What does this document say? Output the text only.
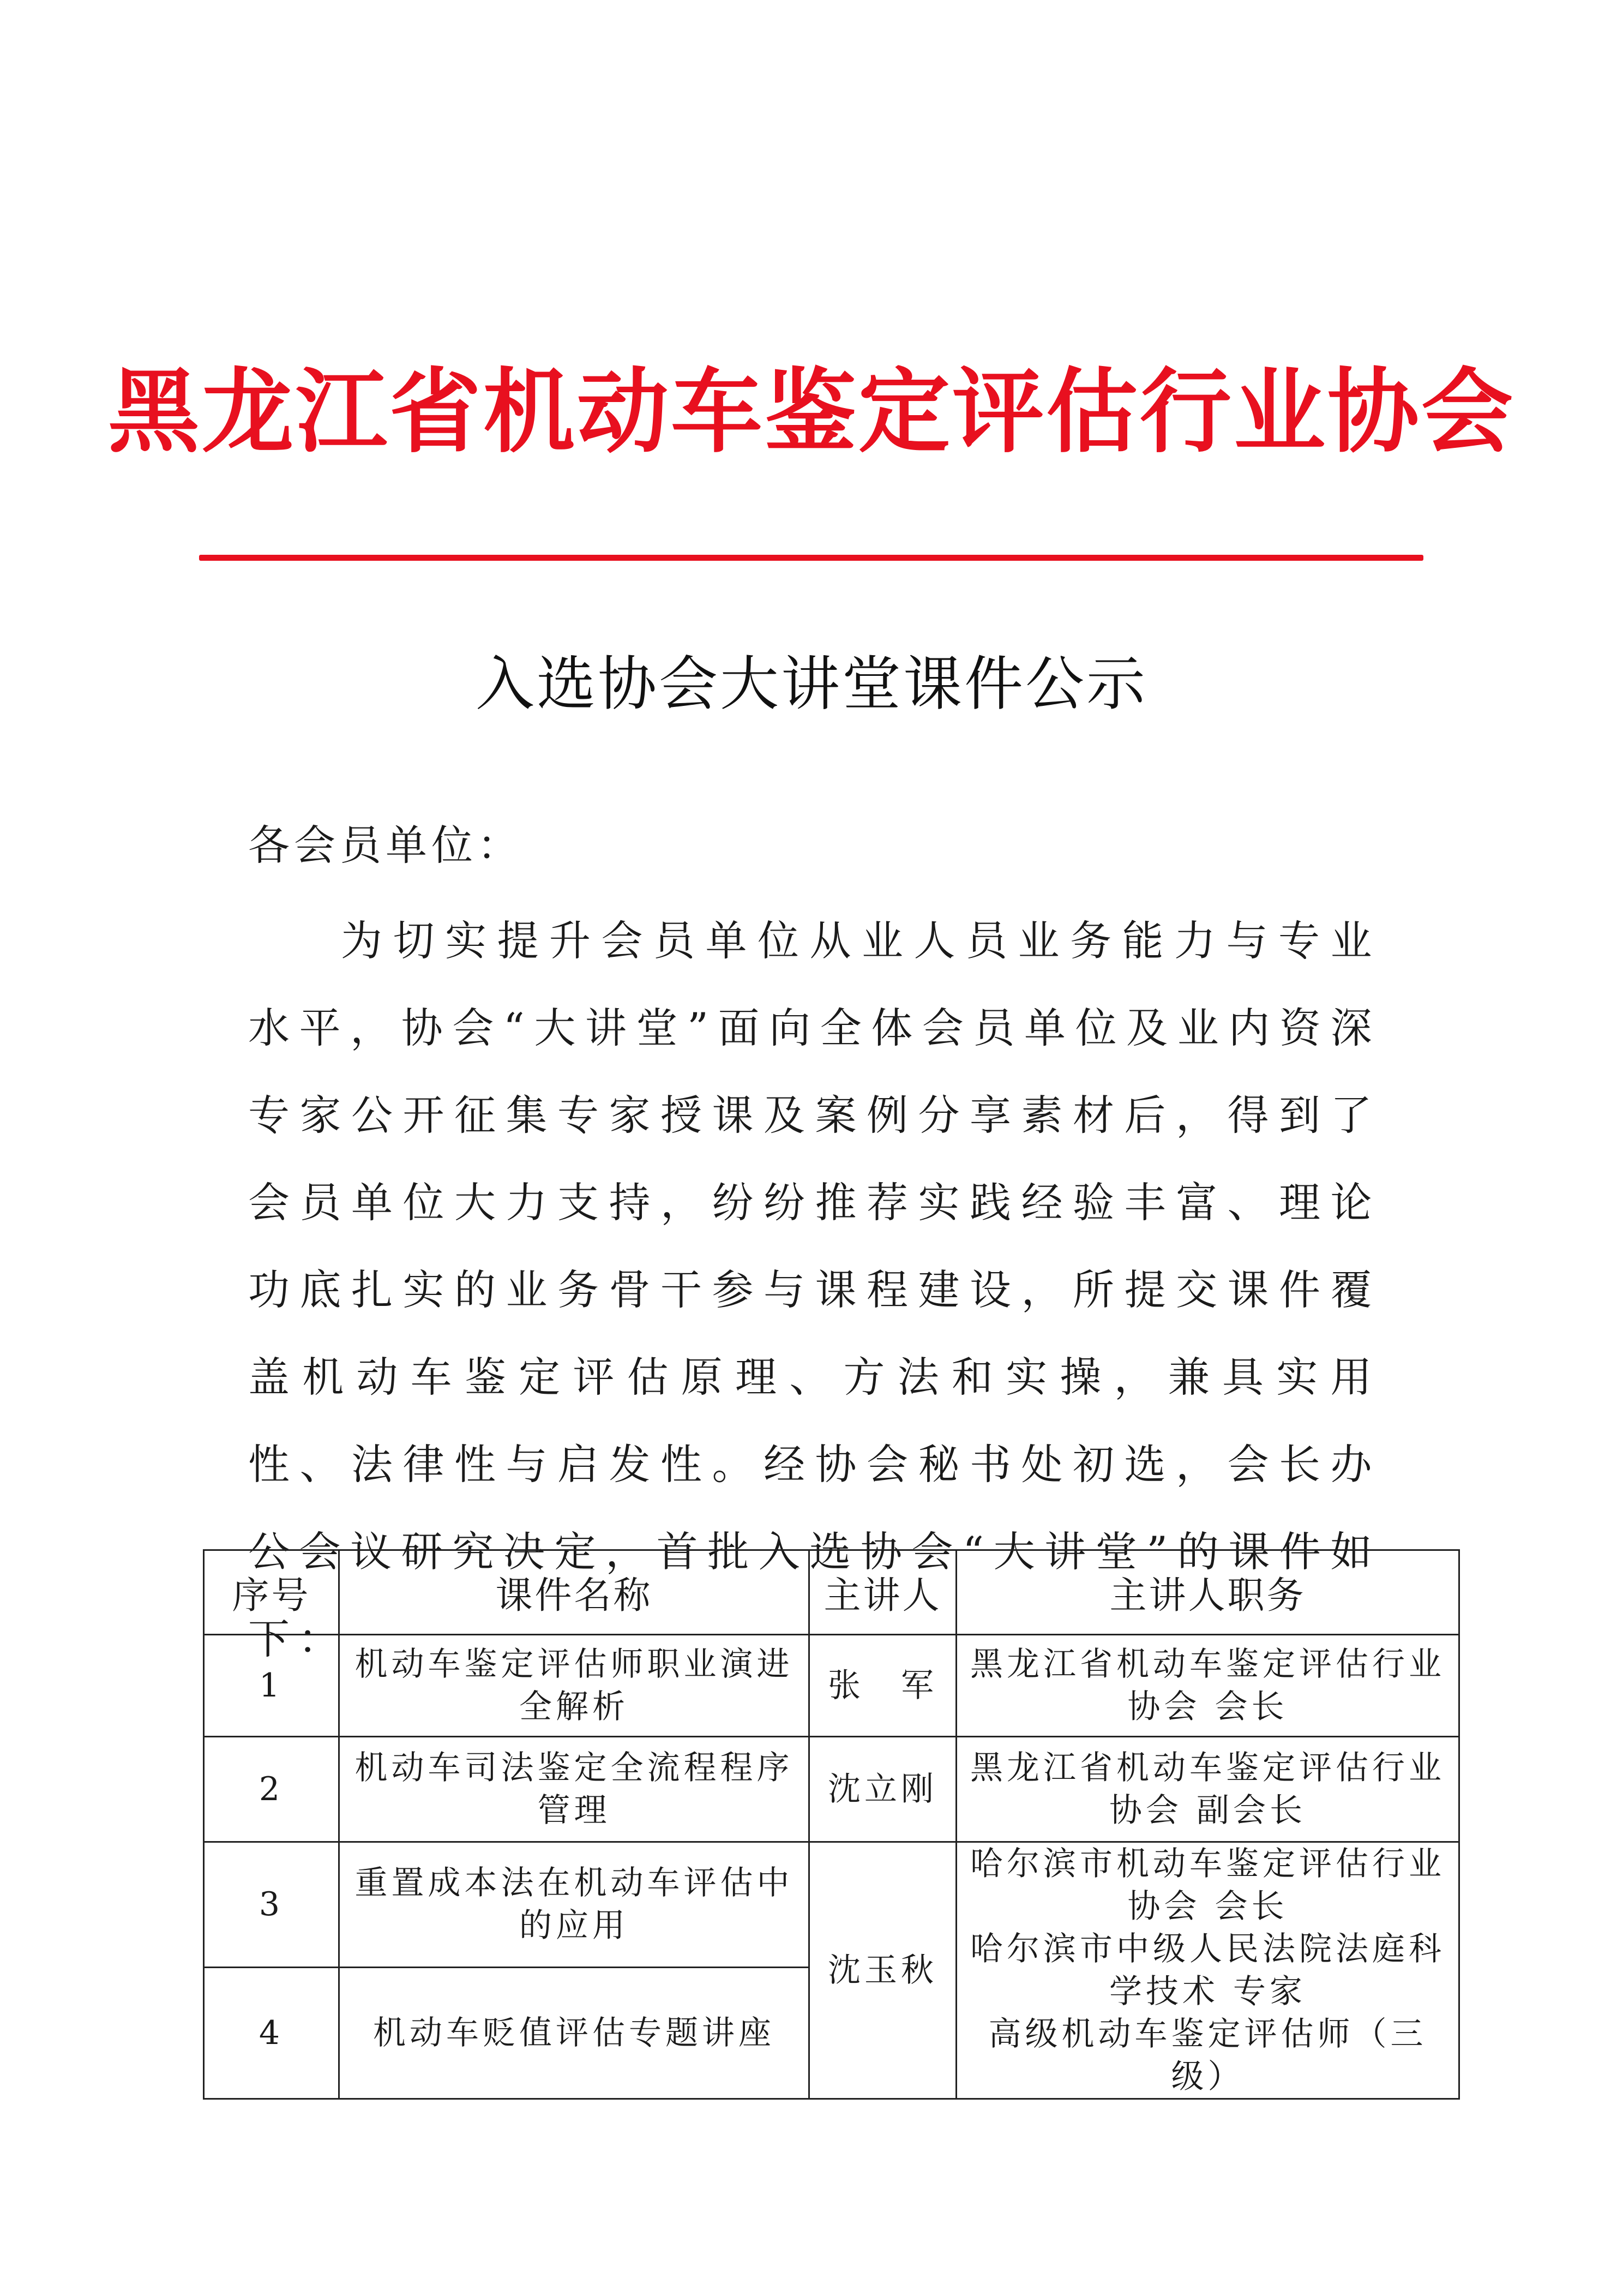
黑龙江省机动车鉴定评估行业协会
入选协会大讲堂课件公示
各会员单位：

为切实提升会员单位从业人员业务能力与专业水平，协会“大讲堂”面向全体会员单位及业内资深专家公开征集专家授课及案例分享素材后，得到了会员单位大力支持，纷纷推荐实践经验丰富、理论功底扎实的业务骨干参与课程建设，所提交课件覆盖机动车鉴定评估原理、方法和实操，兼具实用性、法律性与启发性。经协会秘书处初选，会长办公会议研究决定，首批入选协会“大讲堂”的课件如下：

序号	课件名称	主讲人	主讲人职务
1	机动车鉴定评估师职业演进全解析	张　军	黑龙江省机动车鉴定评估行业协会 会长
2	机动车司法鉴定全流程程序管理	沈立刚	黑龙江省机动车鉴定评估行业协会 副会长
3	重置成本法在机动车评估中的应用	沈玉秋	哈尔滨市机动车鉴定评估行业协会 会长
哈尔滨市中级人民法院法庭科学技术 专家
高级机动车鉴定评估师（三级）

4	机动车贬值评估专题讲座		
